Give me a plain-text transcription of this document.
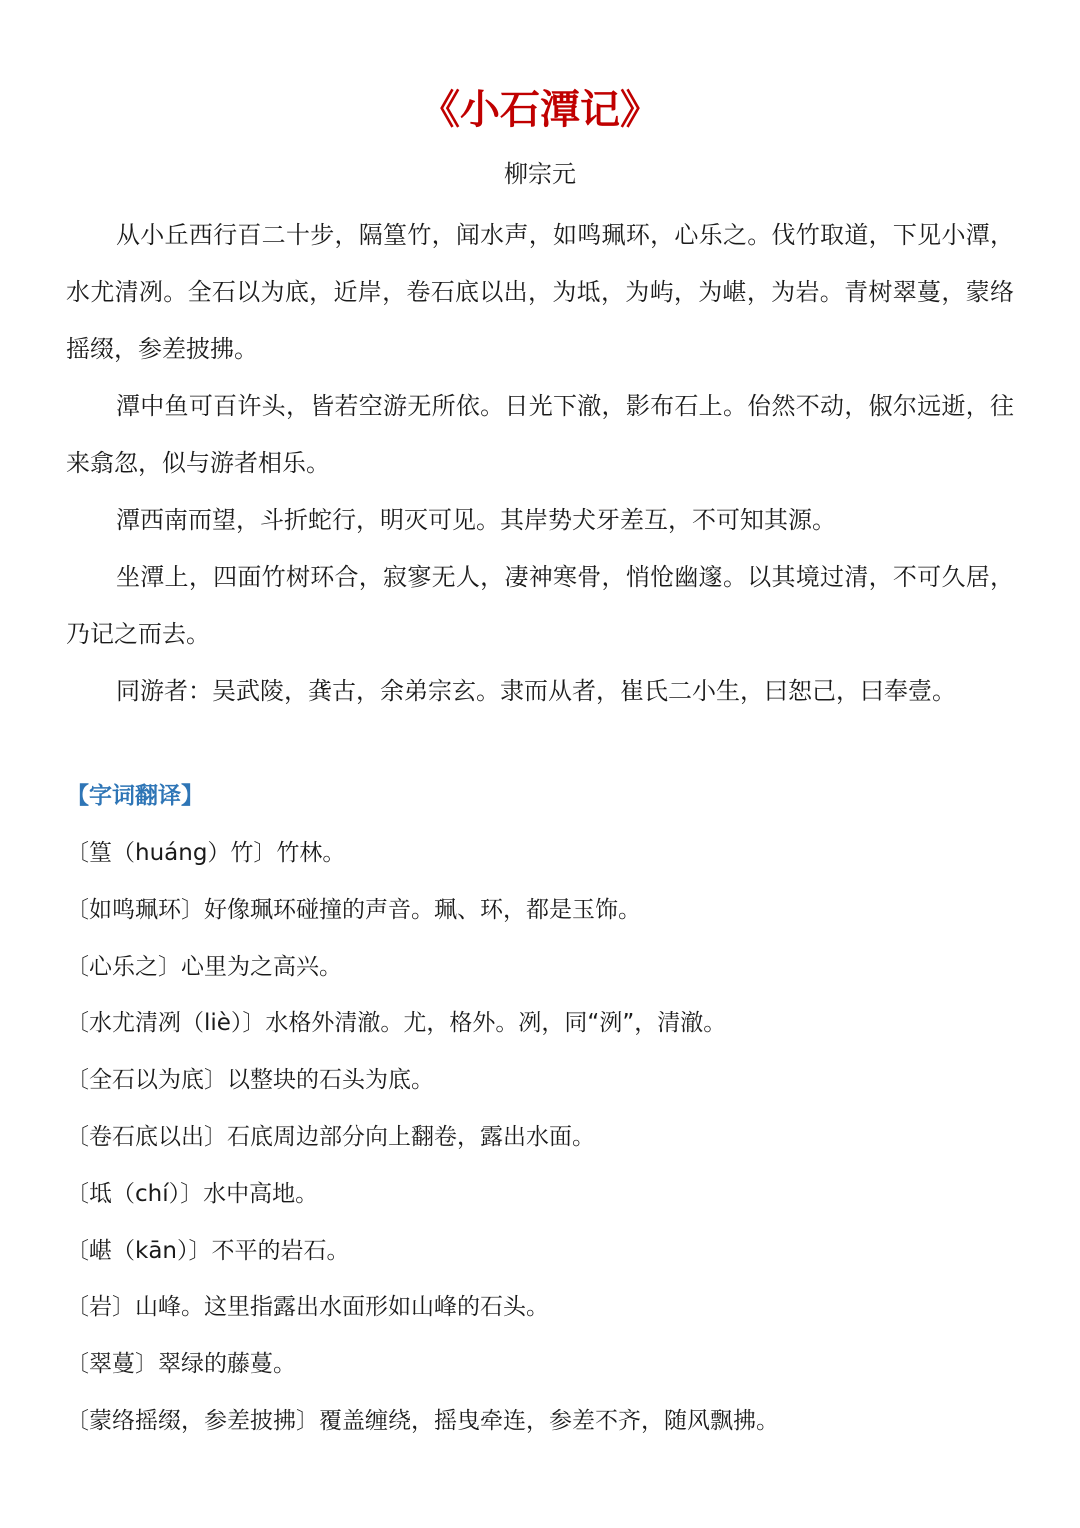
《小石潭记》
柳宗元

从小丘西行百二十步，隔篁竹，闻水声，如鸣珮环，心乐之。伐竹取道，下见小潭，水尤清冽。全石以为底，近岸，卷石底以出，为坻，为屿，为嵁，为岩。青树翠蔓，蒙络摇缀，参差披拂。

潭中鱼可百许头，皆若空游无所依。日光下澈，影布石上。佁然不动，俶尔远逝，往来翕忽，似与游者相乐。

潭西南而望，斗折蛇行，明灭可见。其岸势犬牙差互，不可知其源。

坐潭上，四面竹树环合，寂寥无人，凄神寒骨，悄怆幽邃。以其境过清，不可久居，乃记之而去。

同游者：吴武陵，龚古，余弟宗玄。隶而从者，崔氏二小生，曰恕己，曰奉壹。

【字词翻译】
〔篁（huáng）竹〕竹林。
〔如鸣珮环〕好像珮环碰撞的声音。珮、环，都是玉饰。
〔心乐之〕心里为之高兴。
〔水尤清冽（liè）〕水格外清澈。尤，格外。冽，同“洌”，清澈。
〔全石以为底〕以整块的石头为底。
〔卷石底以出〕石底周边部分向上翻卷，露出水面。
〔坻（chí）〕水中高地。
〔嵁（kān）〕不平的岩石。
〔岩〕山峰。这里指露出水面形如山峰的石头。
〔翠蔓〕翠绿的藤蔓。
〔蒙络摇缀，参差披拂〕覆盖缠绕，摇曳牵连，参差不齐，随风飘拂。
